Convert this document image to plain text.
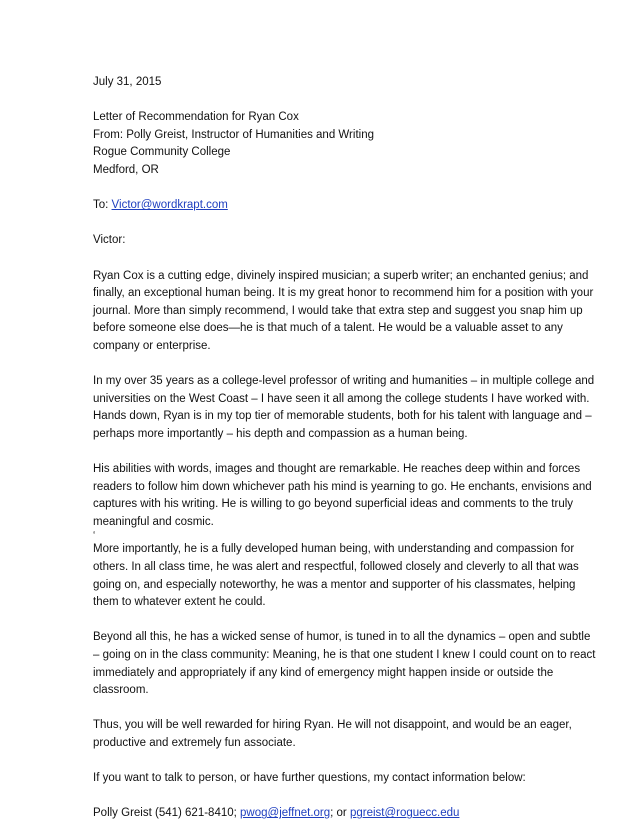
July 31, 2015
Letter of Recommendation for Ryan Cox
From: Polly Greist, Instructor of Humanities and Writing
Rogue Community College
Medford, OR
To: Victor@wordkrapt.com
Victor:

Ryan Cox is a cutting edge, divinely inspired musician; a superb writer; an enchanted genius; and finally, an exceptional human being. It is my great honor to recommend him for a position with your journal. More than simply recommend, I would take that extra step and suggest you snap him up before someone else does—he is that much of a talent. He would be a valuable asset to any company or enterprise.

In my over 35 years as a college-level professor of writing and humanities – in multiple college and universities on the West Coast – I have seen it all among the college students I have worked with. Hands down, Ryan is in my top tier of memorable students, both for his talent with language and – perhaps more importantly – his depth and compassion as a human being.

His abilities with words, images and thought are remarkable. He reaches deep within and forces readers to follow him down whichever path his mind is yearning to go. He enchants, envisions and captures with his writing. He is willing to go beyond superficial ideas and comments to the truly meaningful and cosmic.

‘

More importantly, he is a fully developed human being, with understanding and compassion for others. In all class time, he was alert and respectful, followed closely and cleverly to all that was going on, and especially noteworthy, he was a mentor and supporter of his classmates, helping them to whatever extent he could.

Beyond all this, he has a wicked sense of humor, is tuned in to all the dynamics – open and subtle – going on in the class community: Meaning, he is that one student I knew I could count on to react immediately and appropriately if any kind of emergency might happen inside or outside the classroom.

Thus, you will be well rewarded for hiring Ryan. He will not disappoint, and would be an eager, productive and extremely fun associate.

If you want to talk to person, or have further questions, my contact information below:

Polly Greist (541) 621-8410; pwog@jeffnet.org; or pgreist@roguecc.edu
